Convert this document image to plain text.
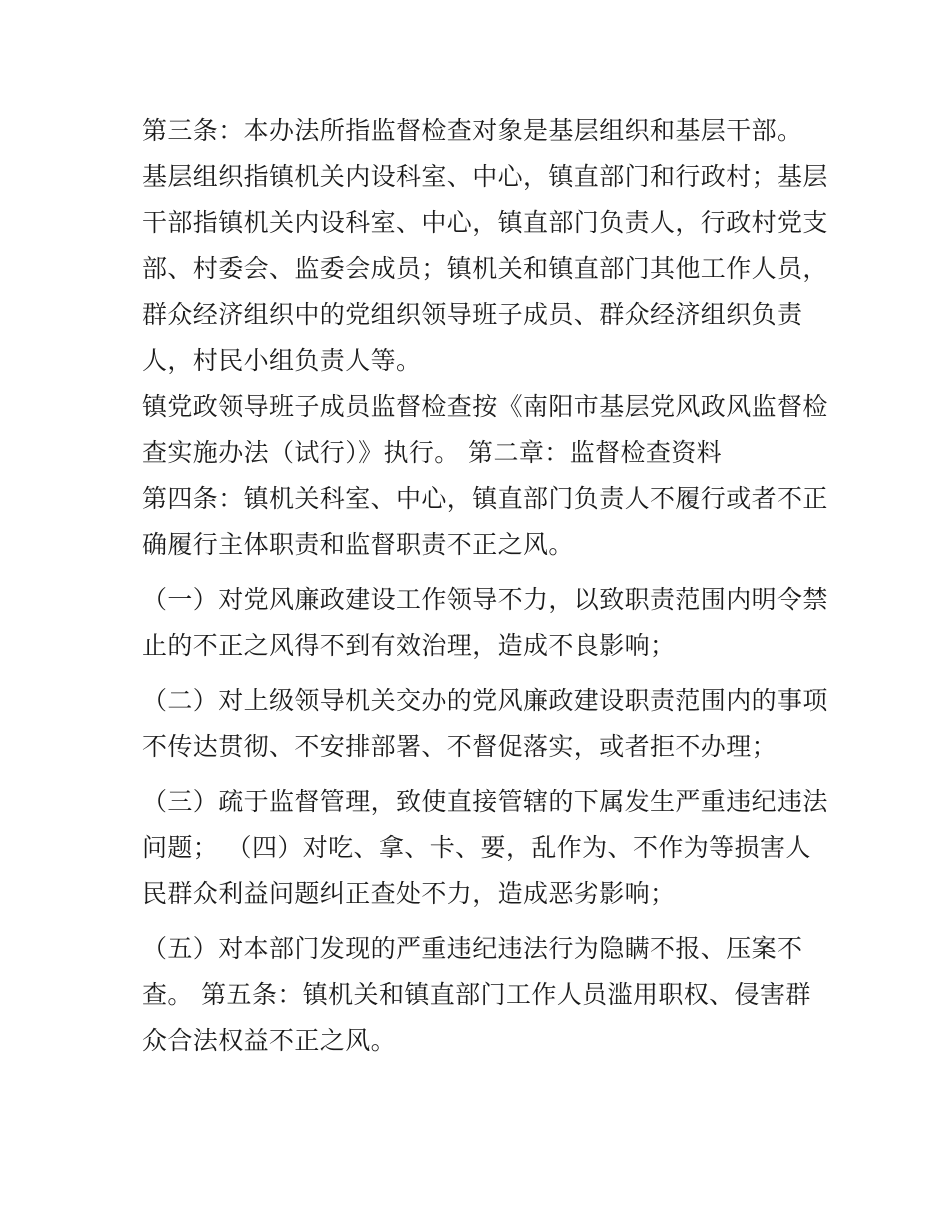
第三条：本办法所指监督检查对象是基层组织和基层干部。

基层组织指镇机关内设科室、中心，镇直部门和行政村；基层

干部指镇机关内设科室、中心，镇直部门负责人，行政村党支

部、村委会、监委会成员；镇机关和镇直部门其他工作人员，

群众经济组织中的党组织领导班子成员、群众经济组织负责

人，村民小组负责人等。

镇党政领导班子成员监督检查按《南阳市基层党风政风监督检

查实施办法（试行）》执行。 第二章：监督检查资料

第四条：镇机关科室、中心，镇直部门负责人不履行或者不正

确履行主体职责和监督职责不正之风。

（一）对党风廉政建设工作领导不力，以致职责范围内明令禁

止的不正之风得不到有效治理，造成不良影响；

（二）对上级领导机关交办的党风廉政建设职责范围内的事项

不传达贯彻、不安排部署、不督促落实，或者拒不办理；

（三）疏于监督管理，致使直接管辖的下属发生严重违纪违法

问题； （四）对吃、拿、卡、要，乱作为、不作为等损害人

民群众利益问题纠正查处不力，造成恶劣影响；

（五）对本部门发现的严重违纪违法行为隐瞒不报、压案不

查。 第五条：镇机关和镇直部门工作人员滥用职权、侵害群

众合法权益不正之风。
